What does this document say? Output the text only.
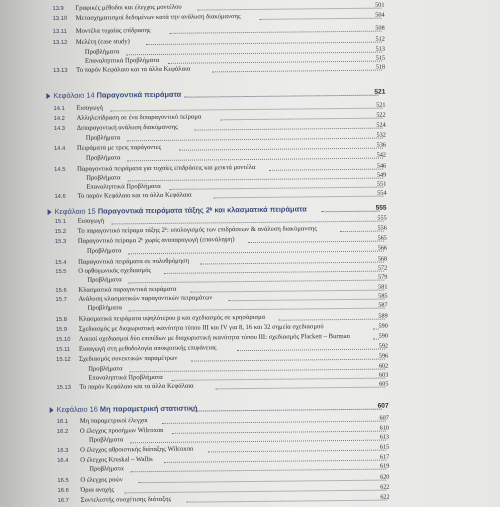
13.9 Γραφικές μέθοδοι και έλεγχος μοντέλου	501
13.10 Μετασχηματισμοί δεδομένων κατά την ανάλυση διακύμανσης	504
13.11 Μοντέλα τυχαίας επίδρασης	508
13.12 Μελέτη (case study)	512
Προβλήματα	513
Επαναληπτικά Προβλήματα	515
13.13 Το παρόν Κεφάλαιο και τα άλλα Κεφάλαια	518
Κεφάλαιο 14 Παραγοντικά πειράματα	521
14.1 Εισαγωγή	521
14.2 Αλληλεπίδραση σε ένα διπαραγοντικό πείραμα	522
14.3 Διπαραγοντική ανάλυση διακύμανσης	524
Προβλήματα	532
14.4 Πειράματα με τρεις παράγοντες	536
Προβλήματα	542
14.5 Παραγοντικά πειράματα για τυχαίες επιδράσεις και μεικτά μοντέλα	546
Προβλήματα	549
Επαναληπτικά Προβλήματα	551
14.6 Το παρόν Κεφάλαιο και τα άλλα Κεφάλαια	554
Κεφάλαιο 15 Παραγοντικά πειράματα τάξης 2ᵏ και κλασματικά πειράματα	555
15.1 Εισαγωγή	555
15.2 Το παραγοντικό πείραμα τάξης 2ᵏ: υπολογισμός των επιδράσεων & ανάλυση διακύμανσης	556
15.3 Παραγοντικό πείραμα 2ᵏ χωρίς αναπαραγωγή (επανάληψη)	565
Προβλήματα	566
15.4 Παραγοντικά πειράματα σε πολυθρόμηση	568
15.5 Ο ορθογωνικός σχεδιασμός	572
Προβλήματα	579
15.6 Κλασματικά παραγοντικά πειράματα	581
15.7 Ανάλυση κλασματικών παραγοντικών πειραμάτων	585
Προβλήματα	587
15.8 Κλασματικά πειράματα υψηλότερου p και σχεδιασμός σε κρησάρισμα	589
15.9 Σχεδιασμός με διαχωριστική ικανότητα τύπου III και IV για 8, 16 και 32 σημεία σχεδιασμού	590
15.10 Λοιποί σχεδιασμοί δύο επιπέδων με διαχωριστική ικανότητα τύπου III: σχεδιασμός Plackett – Burman	590
15.11 Εισαγωγή στη μεθοδολογία αποκριτικής επιφάνειας	592
15.12 Σχεδιασμός συνεκτικών παραμέτρων	596
Προβλήματα	602
Επαναληπτικά Προβλήματα	603
15.13 Το παρόν Κεφάλαιο και τα άλλα Κεφάλαια	605
Κεφάλαιο 16 Μη παραμετρική στατιστική	607
16.1 Μη παραμετρικοί έλεγχοι	607
16.2 Ο έλεγχος προσήμων Wilcoxon	610
Προβλήματα	613
16.3 Ο έλεγχος αθροιστικής διάταξης Wilcoxon	615
16.4 Ο έλεγχος Kruskal – Wallis	617
Προβλήματα	619
16.5 Ο έλεγχος ροών	620
16.6 Όρια ανοχής	622
16.7 Συντελεστής συσχέτισης διάταξης	622
